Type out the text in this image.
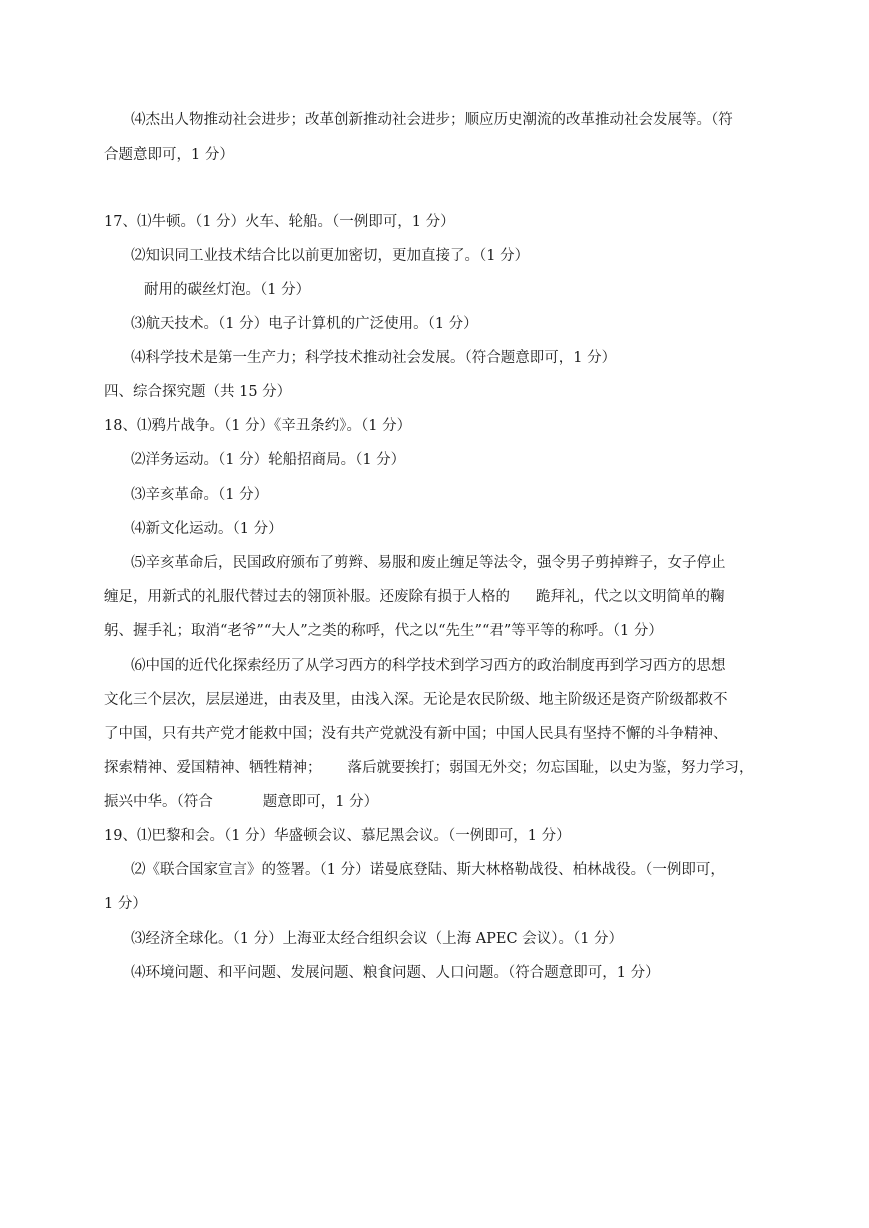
⑷杰出人物推动社会进步；改革创新推动社会进步；顺应历史潮流的改革推动社会发展等。（符
合题意即可，1 分）
17、⑴牛顿。（1 分）火车、轮船。（一例即可，1 分）
⑵知识同工业技术结合比以前更加密切，更加直接了。（1 分）
耐用的碳丝灯泡。（1 分）
⑶航天技术。（1 分）电子计算机的广泛使用。（1 分）
⑷科学技术是第一生产力；科学技术推动社会发展。（符合题意即可，1 分）
四、综合探究题（共 15 分）
18、⑴鸦片战争。（1 分）《辛丑条约》。（1 分）
⑵洋务运动。（1 分）轮船招商局。（1 分）
⑶辛亥革命。（1 分）
⑷新文化运动。（1 分）
⑸辛亥革命后，民国政府颁布了剪辫、易服和废止缠足等法令，强令男子剪掉辫子，女子停止
缠足，用新式的礼服代替过去的翎顶补服。还废除有损于人格的 跪拜礼，代之以文明简单的鞠
躬、握手礼；取消“老爷”“大人”之类的称呼，代之以“先生”“君”等平等的称呼。（1 分）
⑹中国的近代化探索经历了从学习西方的科学技术到学习西方的政治制度再到学习西方的思想
文化三个层次，层层递进，由表及里，由浅入深。无论是农民阶级、地主阶级还是资产阶级都救不
了中国，只有共产党才能救中国；没有共产党就没有新中国；中国人民具有坚持不懈的斗争精神、
探索精神、爱国精神、牺牲精神； 落后就要挨打；弱国无外交；勿忘国耻，以史为鉴，努力学习，
振兴中华。（符合	题意即可，1 分）
19、⑴巴黎和会。（1 分）华盛顿会议、慕尼黑会议。（一例即可，1 分）
⑵《联合国家宣言》的签署。（1 分）诺曼底登陆、斯大林格勒战役、柏林战役。（一例即可，
1 分）
⑶经济全球化。（1 分）上海亚太经合组织会议（上海 APEC 会议）。（1 分）
⑷环境问题、和平问题、发展问题、粮食问题、人口问题。（符合题意即可，1 分）
